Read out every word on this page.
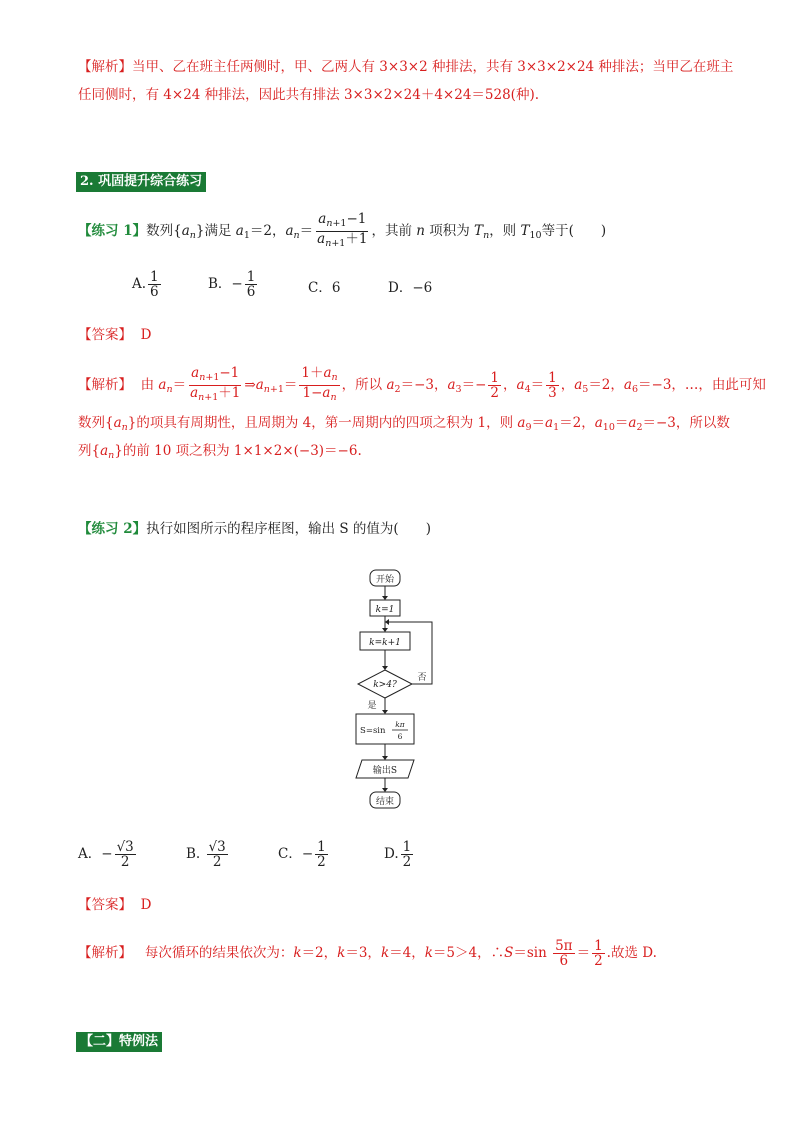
【解析】当甲、乙在班主任两侧时，甲、乙两人有 3×3×2 种排法，共有 3×3×2×24 种排法；当甲乙在班主
任同侧时，有 4×24 种排法，因此共有排法 3×3×2×24＋4×24＝528(种).
2. 巩固提升综合练习
【练习 1】数列$\{a_n\}$满足 $a_1=2$，$a_n= \frac{a_{n+1}-1}{a_{n+1}+1}$ ，其前 n 项积为 $T_n$，则 $T_{10}$等于(　　)
A. $\frac{1}{6}$	B．− $\frac{1}{6}$	C．6	D．−6
【答案】 D
【解析】 由 $a_n= \frac{a_{n+1}-1}{a_{n+1}+1}$ $\Rightarrow a_{n+1}= \frac{1+a_n}{1-a_n}$ ，所以 $a_2=-3$，$a_3=- \frac{1}{2}$ ，$a_4= \frac{1}{3}$ ，$a_5=2$，$a_6=-3$，…，由此可知
数列$\{a_n\}$的项具有周期性，且周期为 4，第一周期内的四项之积为 1，则 $a_9=a_1=2$，$a_{10}=a_2=-3$，所以数
列$\{a_n\}$的前 10 项之积为 1×1×2×(−3)＝−6.
【练习 2】执行如图所示的程序框图，输出 S 的值为(　　)
开始
k=1
k=k+1
k>4?
否
是
S=sin
kπ
6
输出S
结束
A．− $\frac{√3}{2}$	B. $\frac{√3}{2}$	C．− $\frac{1}{2}$	D. $\frac{1}{2}$
【答案】 D
【解析】 每次循环的结果依次为：k＝2，k＝3，k＝4，k＝5＞4，∴S＝sin $\frac{5\pi}{6} = \frac{1}{2}$ .故选 D.
【二】特例法
